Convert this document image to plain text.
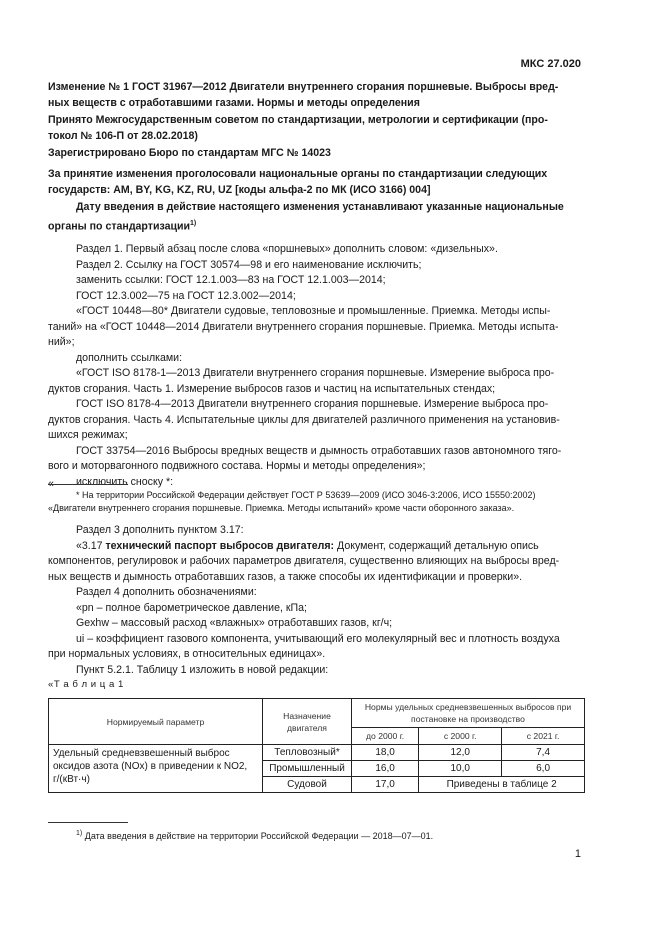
МКС 27.020
Изменение № 1 ГОСТ 31967—2012 Двигатели внутреннего сгорания поршневые. Выбросы вред-
ных веществ с отработавшими газами. Нормы и методы определения
Принято Межгосударственным советом по стандартизации, метрологии и сертификации (про-
токол № 106-П от 28.02.2018)
Зарегистрировано Бюро по стандартам МГС № 14023
За принятие изменения проголосовали национальные органы по стандартизации следующих
государств: AM, BY, KG, KZ, RU, UZ [коды альфа-2 по МК (ИСО 3166) 004]
Дату введения в действие настоящего изменения устанавливают указанные национальные
органы по стандартизации$^{1)}$
Раздел 1. Первый абзац после слова «поршневых» дополнить словом: «дизельных».
Раздел 2. Ссылку на ГОСТ 30574—98 и его наименование исключить;
заменить ссылки: ГОСТ 12.1.003—83 на ГОСТ 12.1.003—2014;
ГОСТ 12.3.002—75 на ГОСТ 12.3.002—2014;
«ГОСТ 10448—80* Двигатели судовые, тепловозные и промышленные. Приемка. Методы испы-
таний» на «ГОСТ 10448—2014 Двигатели внутреннего сгорания поршневые. Приемка. Методы испыта-
ний»;
дополнить ссылками:
«ГОСТ ISO 8178-1—2013 Двигатели внутреннего сгорания поршневые. Измерение выброса про-
дуктов сгорания. Часть 1. Измерение выбросов газов и частиц на испытательных стендах;
ГОСТ ISO 8178-4—2013 Двигатели внутреннего сгорания поршневые. Измерение выброса про-
дуктов сгорания. Часть 4. Испытательные циклы для двигателей различного применения на установив-
шихся режимах;
ГОСТ 33754—2016 Выбросы вредных веществ и дымность отработавших газов автономного тяго-
вого и моторвагонного подвижного состава. Нормы и методы определения»;
исключить сноску *:
«
* На территории Российской Федерации действует ГОСТ Р 53639—2009 (ИСО 3046-3:2006, ИСО 15550:2002)
«Двигатели внутреннего сгорания поршневые. Приемка. Методы испытаний» кроме части оборонного заказа».
Раздел 3 дополнить пунктом 3.17:
«3.17 технический паспорт выбросов двигателя: Документ, содержащий детальную опись
компонентов, регулировок и рабочих параметров двигателя, существенно влияющих на выбросы вред-
ных веществ и дымность отработавших газов, а также способы их идентификации и проверки».
Раздел 4 дополнить обозначениями:
«pn – полное барометрическое давление, кПа;
Gexhw – массовый расход «влажных» отработавших газов, кг/ч;
ui – коэффициент газового компонента, учитывающий его молекулярный вес и плотность воздуха
при нормальных условиях, в относительных единицах».
Пункт 5.2.1. Таблицу 1 изложить в новой редакции:
«Т а б л и ц а 1
Нормируемый параметр	Назначение двигателя	Нормы удельных средневзвешенных выбросов при постановке на производство		
		до 2000 г.	с 2000 г.	с 2021 г.
Удельный средневзвешенный выброс оксидов азота (NOx) в приведении к NO2, г/(кВт·ч)	Тепловозный*	18,0	12,0	7,4
	Промышленный	16,0	10,0	6,0
	Судовой	17,0	Приведены в таблице 2	
$^{1)}$ Дата введения в действие на территории Российской Федерации — 2018—07—01.
1
